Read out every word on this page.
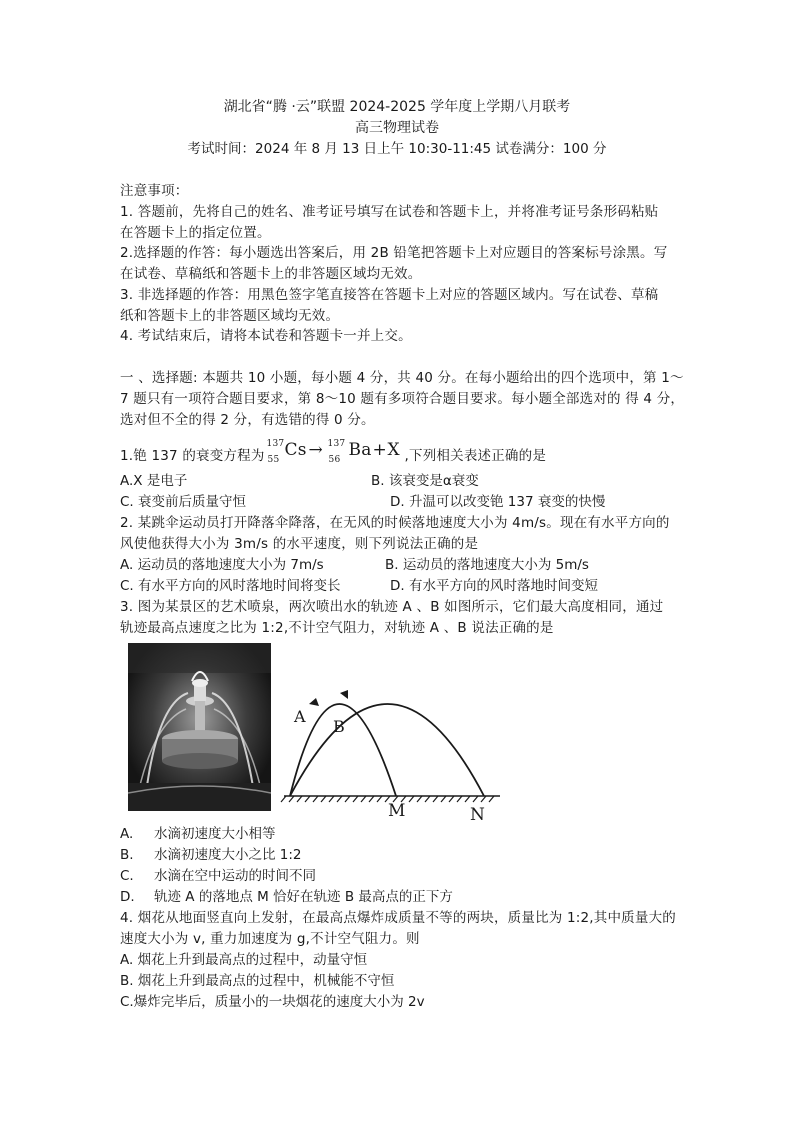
湖北省“腾 ·云”联盟 2024-2025 学年度上学期八月联考
高三物理试卷
考试时间：2024 年 8 月 13 日上午 10:30-11:45 试卷满分：100 分
注意事项：
1. 答题前，先将自己的姓名、准考证号填写在试卷和答题卡上，并将准考证号条形码粘贴
在答题卡上的指定位置。
2.选择题的作答：每小题选出答案后，用 2B 铅笔把答题卡上对应题目的答案标号涂黑。写
在试卷、草稿纸和答题卡上的非答题区域均无效。
3. 非选择题的作答：用黑色签字笔直接答在答题卡上对应的答题区域内。写在试卷、草稿
纸和答题卡上的非答题区域均无效。
4. 考试结束后，请将本试卷和答题卡一并上交。
一 、选择题: 本题共 10 小题，每小题 4 分，共 40 分。在每小题给出的四个选项中，第 1～
7 题只有一项符合题目要求，第 8～10 题有多项符合题目要求。每小题全部选对的 得 4 分，
选对但不全的得 2 分，有选错的得 0 分。
1.铯 137 的衰变方程为
137
55 Cs → 137
56 Ba + X ,下列相关表述正确的是
A.X 是电子	B. 该衰变是α衰变
C. 衰变前后质量守恒	D. 升温可以改变铯 137 衰变的快慢
2. 某跳伞运动员打开降落伞降落，在无风的时候落地速度大小为 4m/s。现在有水平方向的
风使他获得大小为 3m/s 的水平速度，则下列说法正确的是
A. 运动员的落地速度大小为 7m/s	B. 运动员的落地速度大小为 5m/s
C. 有水平方向的风时落地时间将变长	D. 有水平方向的风时落地时间变短
3. 图为某景区的艺术喷泉，两次喷出水的轨迹 A 、B 如图所示，它们最大高度相同，通过
轨迹最高点速度之比为 1:2,不计空气阻力，对轨迹 A 、B 说法正确的是
A
B
M	N
A. 水滴初速度大小相等
B. 水滴初速度大小之比 1:2
C. 水滴在空中运动的时间不同
D. 轨迹 A 的落地点 M 恰好在轨迹 B 最高点的正下方
4. 烟花从地面竖直向上发射，在最高点爆炸成质量不等的两块，质量比为 1:2,其中质量大的
速度大小为 v, 重力加速度为 g,不计空气阻力。则
A. 烟花上升到最高点的过程中，动量守恒
B. 烟花上升到最高点的过程中，机械能不守恒
C.爆炸完毕后，质量小的一块烟花的速度大小为 2v
